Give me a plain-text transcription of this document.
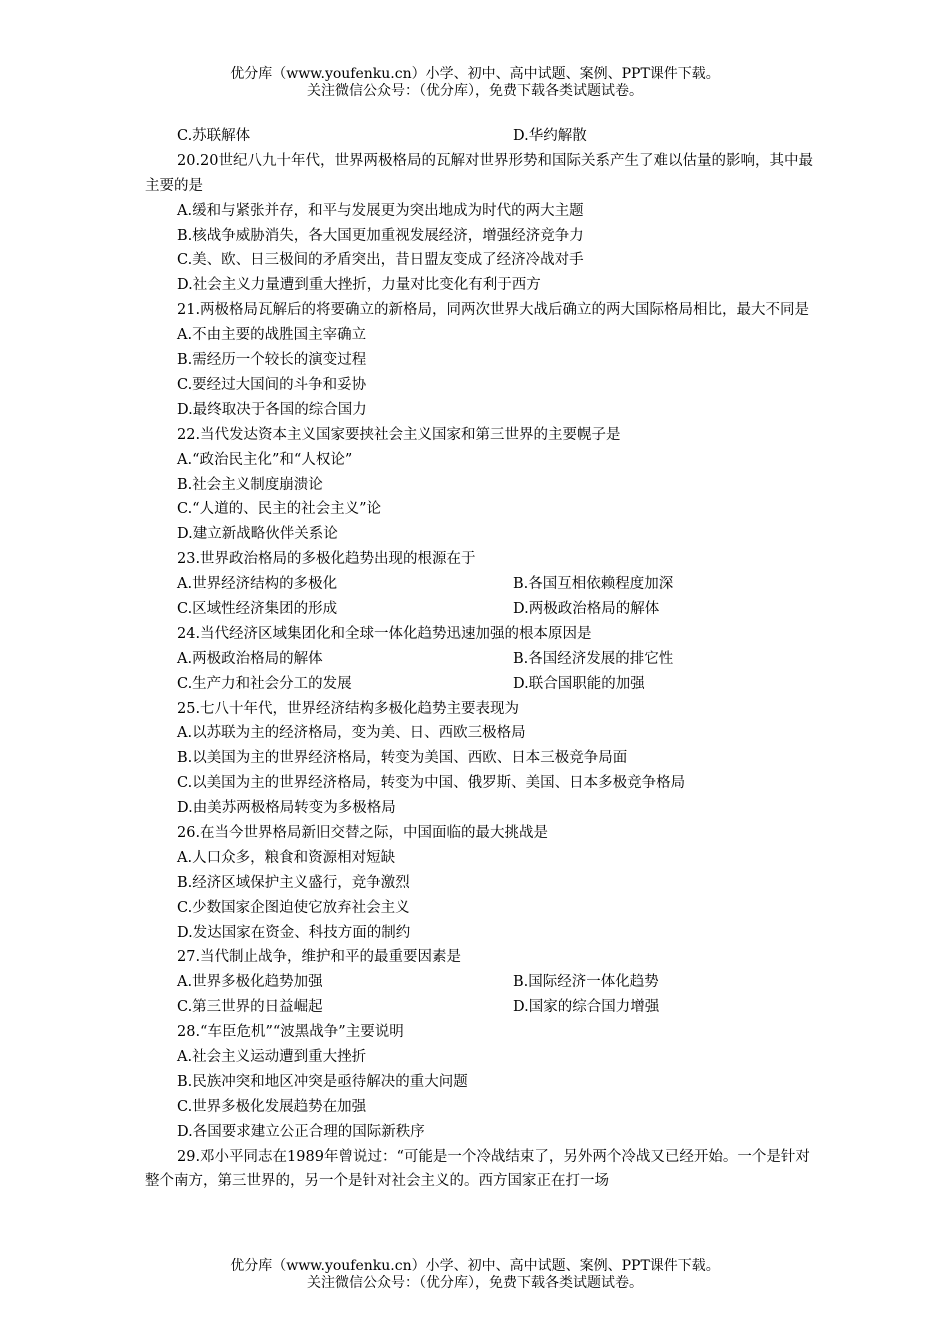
优分库（www.youfenku.cn）小学、初中、高中试题、案例、PPT课件下载。
关注微信公众号：（优分库），免费下载各类试题试卷。
C.苏联解体	D.华约解散
20.20世纪八九十年代，世界两极格局的瓦解对世界形势和国际关系产生了难以估量的影响，其中最主要的是
A.缓和与紧张并存，和平与发展更为突出地成为时代的两大主题
B.核战争威胁消失，各大国更加重视发展经济，增强经济竞争力
C.美、欧、日三极间的矛盾突出，昔日盟友变成了经济冷战对手
D.社会主义力量遭到重大挫折，力量对比变化有利于西方
21.两极格局瓦解后的将要确立的新格局，同两次世界大战后确立的两大国际格局相比，最大不同是
A.不由主要的战胜国主宰确立
B.需经历一个较长的演变过程
C.要经过大国间的斗争和妥协
D.最终取决于各国的综合国力
22.当代发达资本主义国家要挟社会主义国家和第三世界的主要幌子是
A.“政治民主化”和“人权论”
B.社会主义制度崩溃论
C.“人道的、民主的社会主义”论
D.建立新战略伙伴关系论
23.世界政治格局的多极化趋势出现的根源在于
A.世界经济结构的多极化	B.各国互相依赖程度加深
C.区域性经济集团的形成	D.两极政治格局的解体
24.当代经济区域集团化和全球一体化趋势迅速加强的根本原因是
A.两极政治格局的解体	B.各国经济发展的排它性
C.生产力和社会分工的发展	D.联合国职能的加强
25.七八十年代，世界经济结构多极化趋势主要表现为
A.以苏联为主的经济格局，变为美、日、西欧三极格局
B.以美国为主的世界经济格局，转变为美国、西欧、日本三极竞争局面
C.以美国为主的世界经济格局，转变为中国、俄罗斯、美国、日本多极竞争格局
D.由美苏两极格局转变为多极格局
26.在当今世界格局新旧交替之际，中国面临的最大挑战是
A.人口众多，粮食和资源相对短缺
B.经济区域保护主义盛行，竞争激烈
C.少数国家企图迫使它放弃社会主义
D.发达国家在资金、科技方面的制约
27.当代制止战争，维护和平的最重要因素是
A.世界多极化趋势加强	B.国际经济一体化趋势
C.第三世界的日益崛起	D.国家的综合国力增强
28.“车臣危机”“波黑战争”主要说明
A.社会主义运动遭到重大挫折
B.民族冲突和地区冲突是亟待解决的重大问题
C.世界多极化发展趋势在加强
D.各国要求建立公正合理的国际新秩序
29.邓小平同志在1989年曾说过：“可能是一个冷战结束了，另外两个冷战又已经开始。一个是针对整个南方，第三世界的，另一个是针对社会主义的。西方国家正在打一场
优分库（www.youfenku.cn）小学、初中、高中试题、案例、PPT课件下载。
关注微信公众号：（优分库），免费下载各类试题试卷。
